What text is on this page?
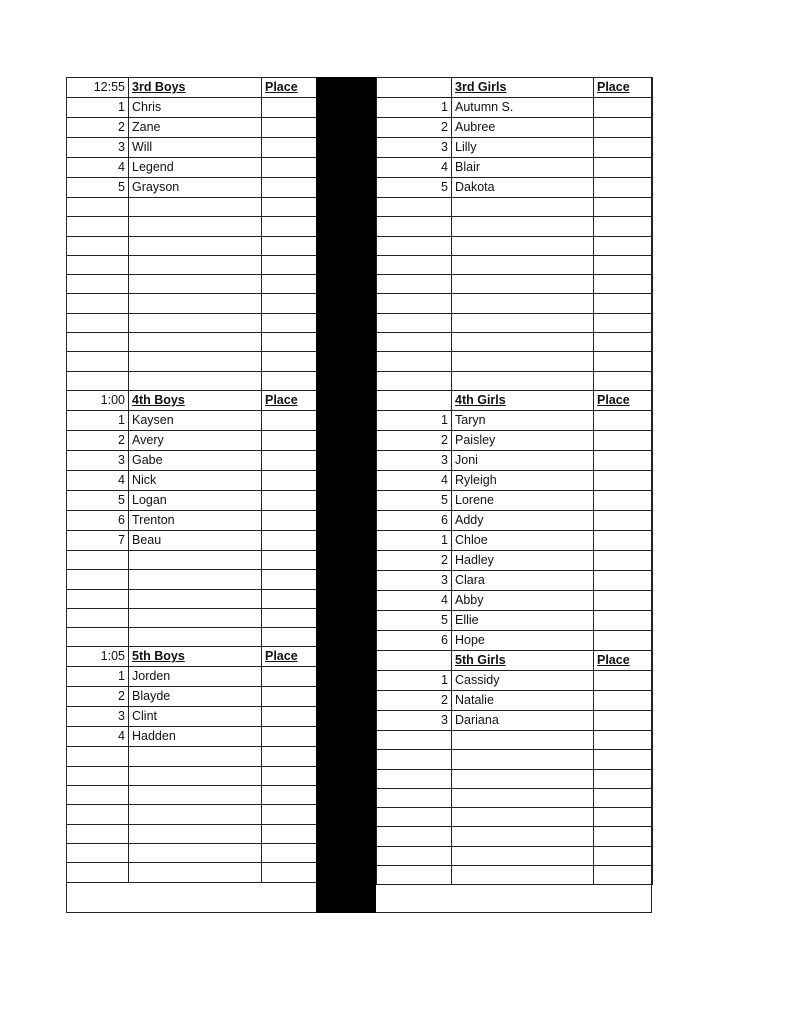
12:55	3rd Boys	Place
1	Chris	
2	Zane	
3	Will	
4	Legend	
5	Grayson	

1:00	4th Boys	Place
1	Kaysen	
2	Avery	
3	Gabe	
4	Nick	
5	Logan	
6	Trenton	
7	Beau	

1:05	5th Boys	Place
1	Jorden	
2	Blayde	
3	Clint	
4	Hadden	

	3rd Girls	Place
1	Autumn S.	
2	Aubree	
3	Lilly	
4	Blair	
5	Dakota	

	4th Girls	Place
1	Taryn	
2	Paisley	
3	Joni	
4	Ryleigh	
5	Lorene	
6	Addy	
1	Chloe	
2	Hadley	
3	Clara	
4	Abby	
5	Ellie	
6	Hope	
	5th Girls	Place
1	Cassidy	
2	Natalie	
3	Dariana	
